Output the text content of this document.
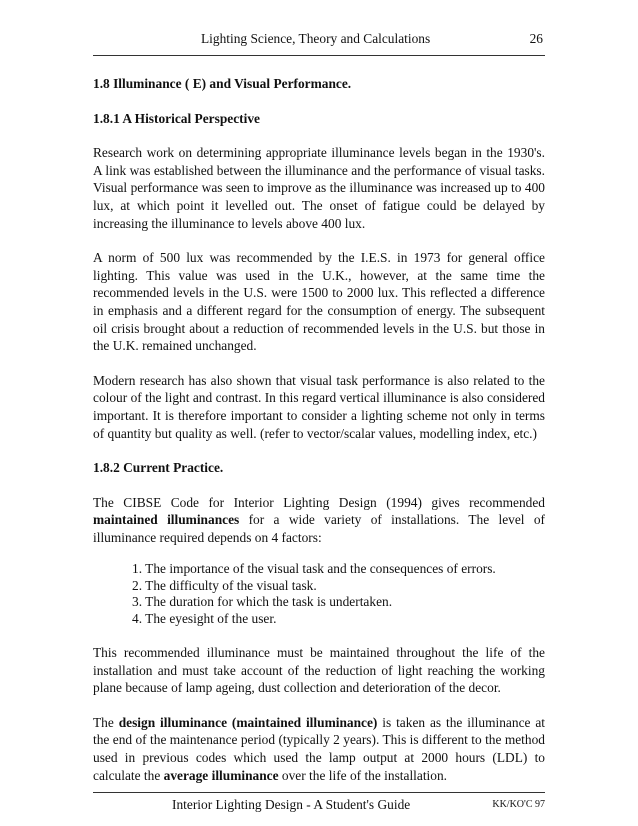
Lighting Science, Theory and Calculations	26
1.8 Illuminance ( E) and Visual Performance.
1.8.1 A Historical Perspective

Research work on determining appropriate illuminance levels began in the 1930's. A link was established between the illuminance and the performance of visual tasks. Visual performance was seen to improve as the illuminance was increased up to 400 lux, at which point it levelled out. The onset of fatigue could be delayed by increasing the illuminance to levels above 400 lux.

A norm of 500 lux was recommended by the I.E.S. in 1973 for general office lighting. This value was used in the U.K., however, at the same time the recommended levels in the U.S. were 1500 to 2000 lux. This reflected a difference in emphasis and a different regard for the consumption of energy. The subsequent oil crisis brought about a reduction of recommended levels in the U.S. but those in the U.K. remained unchanged.

Modern research has also shown that visual task performance is also related to the colour of the light and contrast. In this regard vertical illuminance is also considered important. It is therefore important to consider a lighting scheme not only in terms of quantity but quality as well. (refer to vector/scalar values, modelling index, etc.)

1.8.2 Current Practice.

The CIBSE Code for Interior Lighting Design (1994) gives recommended maintained illuminances for a wide variety of installations. The level of illuminance required depends on 4 factors:

1. The importance of the visual task and the consequences of errors.
2. The difficulty of the visual task.
3. The duration for which the task is undertaken.
4. The eyesight of the user.

This recommended illuminance must be maintained throughout the life of the installation and must take account of the reduction of light reaching the working plane because of lamp ageing, dust collection and deterioration of the decor.

The design illuminance (maintained illuminance) is taken as the illuminance at the end of the maintenance period (typically 2 years). This is different to the method used in previous codes which used the lamp output at 2000 hours (LDL) to calculate the average illuminance over the life of the installation.

Interior Lighting Design - A Student's Guide	KK/KO'C 97
